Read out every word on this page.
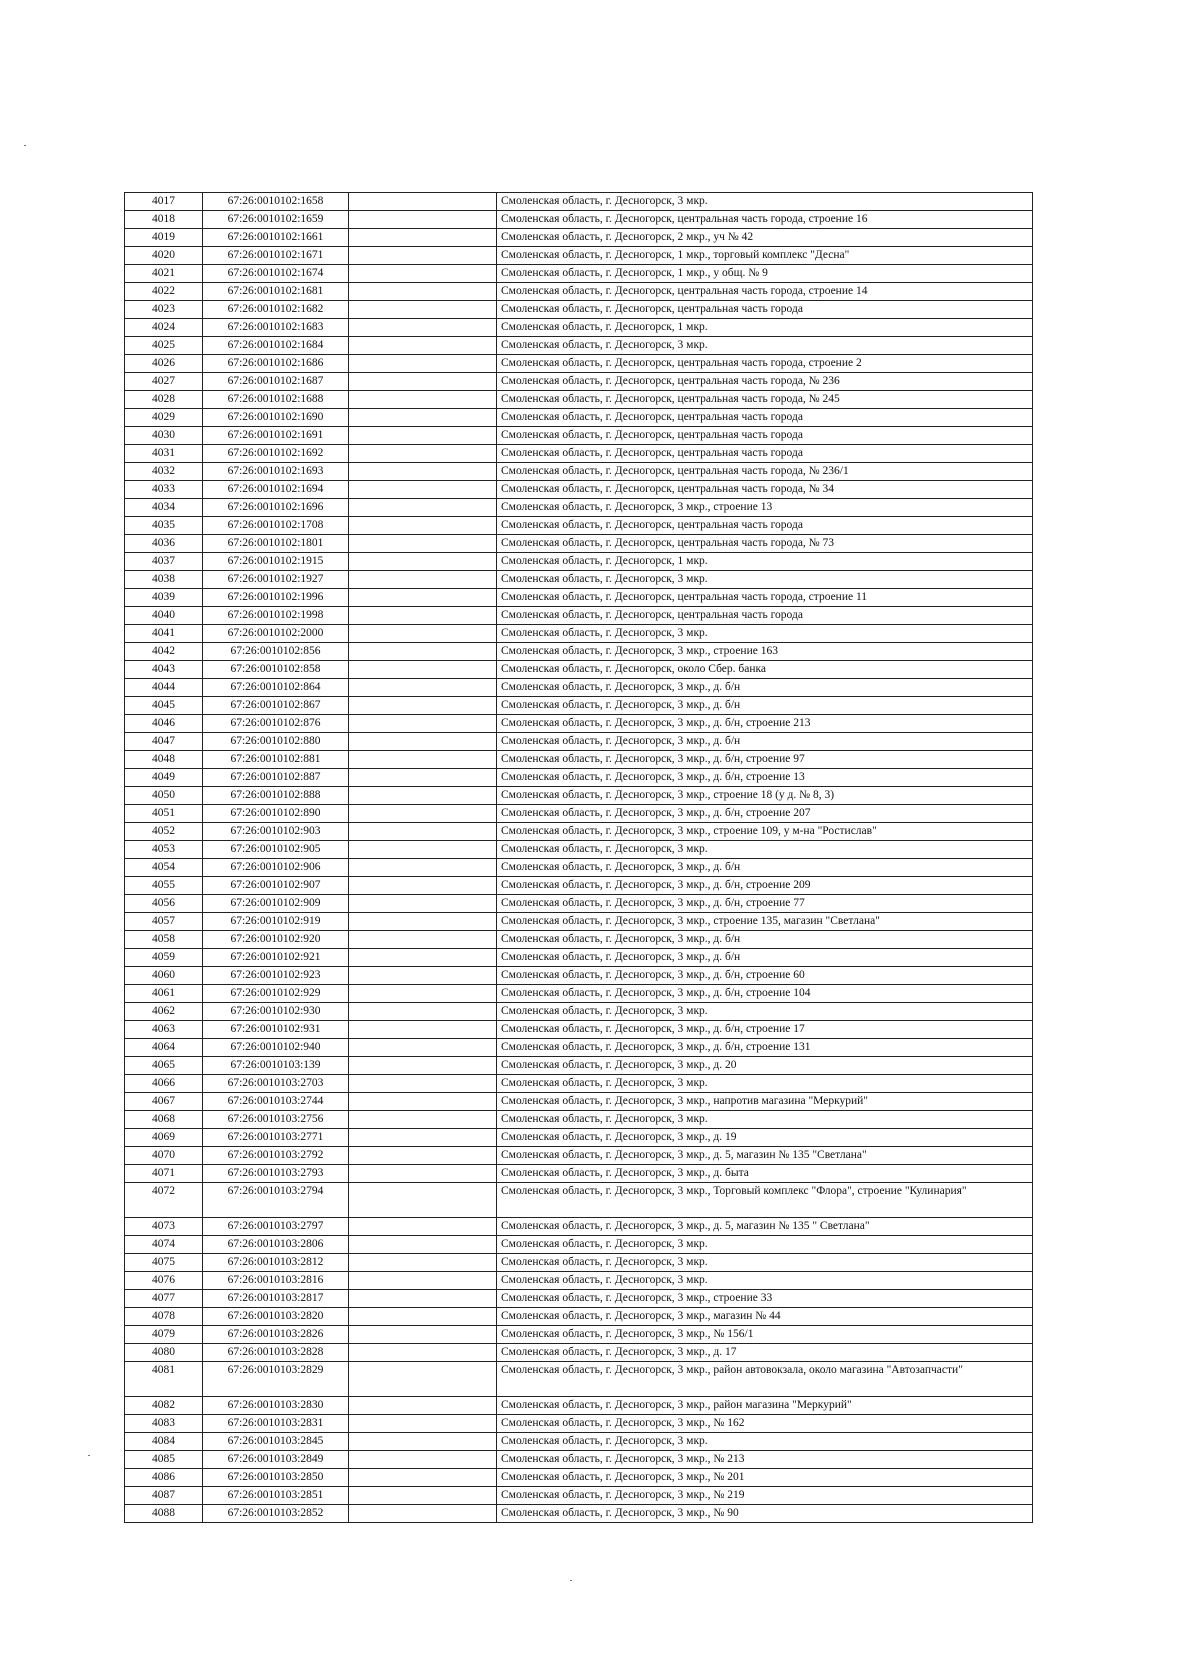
4017	67:26:0010102:1658		Смоленская область, г. Десногорск, 3 мкр.
4018	67:26:0010102:1659		Смоленская область, г. Десногорск, центральная часть города, строение 16
4019	67:26:0010102:1661		Смоленская область, г. Десногорск, 2 мкр., уч № 42
4020	67:26:0010102:1671		Смоленская область, г. Десногорск, 1 мкр., торговый комплекс "Десна"
4021	67:26:0010102:1674		Смоленская область, г. Десногорск, 1 мкр., у общ. № 9
4022	67:26:0010102:1681		Смоленская область, г. Десногорск, центральная часть города, строение 14
4023	67:26:0010102:1682		Смоленская область, г. Десногорск, центральная часть города
4024	67:26:0010102:1683		Смоленская область, г. Десногорск, 1 мкр.
4025	67:26:0010102:1684		Смоленская область, г. Десногорск, 3 мкр.
4026	67:26:0010102:1686		Смоленская область, г. Десногорск, центральная часть города, строение 2
4027	67:26:0010102:1687		Смоленская область, г. Десногорск, центральная часть города, № 236
4028	67:26:0010102:1688		Смоленская область, г. Десногорск, центральная часть города, № 245
4029	67:26:0010102:1690		Смоленская область, г. Десногорск, центральная часть города
4030	67:26:0010102:1691		Смоленская область, г. Десногорск, центральная часть города
4031	67:26:0010102:1692		Смоленская область, г. Десногорск, центральная часть города
4032	67:26:0010102:1693		Смоленская область, г. Десногорск, центральная часть города, № 236/1
4033	67:26:0010102:1694		Смоленская область, г. Десногорск, центральная часть города, № 34
4034	67:26:0010102:1696		Смоленская область, г. Десногорск, 3 мкр., строение 13
4035	67:26:0010102:1708		Смоленская область, г. Десногорск, центральная часть города
4036	67:26:0010102:1801		Смоленская область, г. Десногорск, центральная часть города, № 73
4037	67:26:0010102:1915		Смоленская область, г. Десногорск, 1 мкр.
4038	67:26:0010102:1927		Смоленская область, г. Десногорск, 3 мкр.
4039	67:26:0010102:1996		Смоленская область, г. Десногорск, центральная часть города, строение 11
4040	67:26:0010102:1998		Смоленская область, г. Десногорск, центральная часть города
4041	67:26:0010102:2000		Смоленская область, г. Десногорск, 3 мкр.
4042	67:26:0010102:856		Смоленская область, г. Десногорск, 3 мкр., строение 163
4043	67:26:0010102:858		Смоленская область, г. Десногорск, около Сбер. банка
4044	67:26:0010102:864		Смоленская область, г. Десногорск, 3 мкр., д. б/н
4045	67:26:0010102:867		Смоленская область, г. Десногорск, 3 мкр., д. б/н
4046	67:26:0010102:876		Смоленская область, г. Десногорск, 3 мкр., д. б/н, строение 213
4047	67:26:0010102:880		Смоленская область, г. Десногорск, 3 мкр., д. б/н
4048	67:26:0010102:881		Смоленская область, г. Десногорск, 3 мкр., д. б/н, строение 97
4049	67:26:0010102:887		Смоленская область, г. Десногорск, 3 мкр., д. б/н, строение 13
4050	67:26:0010102:888		Смоленская область, г. Десногорск, 3 мкр., строение 18 (у д. № 8, 3)
4051	67:26:0010102:890		Смоленская область, г. Десногорск, 3 мкр., д. б/н, строение 207
4052	67:26:0010102:903		Смоленская область, г. Десногорск, 3 мкр., строение 109, у м-на "Ростислав"
4053	67:26:0010102:905		Смоленская область, г. Десногорск, 3 мкр.
4054	67:26:0010102:906		Смоленская область, г. Десногорск, 3 мкр., д. б/н
4055	67:26:0010102:907		Смоленская область, г. Десногорск, 3 мкр., д. б/н, строение 209
4056	67:26:0010102:909		Смоленская область, г. Десногорск, 3 мкр., д. б/н, строение 77
4057	67:26:0010102:919		Смоленская область, г. Десногорск, 3 мкр., строение 135, магазин "Светлана"
4058	67:26:0010102:920		Смоленская область, г. Десногорск, 3 мкр., д. б/н
4059	67:26:0010102:921		Смоленская область, г. Десногорск, 3 мкр., д. б/н
4060	67:26:0010102:923		Смоленская область, г. Десногорск, 3 мкр., д. б/н, строение 60
4061	67:26:0010102:929		Смоленская область, г. Десногорск, 3 мкр., д. б/н, строение 104
4062	67:26:0010102:930		Смоленская область, г. Десногорск, 3 мкр.
4063	67:26:0010102:931		Смоленская область, г. Десногорск, 3 мкр., д. б/н, строение 17
4064	67:26:0010102:940		Смоленская область, г. Десногорск, 3 мкр., д. б/н, строение 131
4065	67:26:0010103:139		Смоленская область, г. Десногорск, 3 мкр., д. 20
4066	67:26:0010103:2703		Смоленская область, г. Десногорск, 3 мкр.
4067	67:26:0010103:2744		Смоленская область, г. Десногорск, 3 мкр., напротив магазина "Меркурий"
4068	67:26:0010103:2756		Смоленская область, г. Десногорск, 3 мкр.
4069	67:26:0010103:2771		Смоленская область, г. Десногорск, 3 мкр., д. 19
4070	67:26:0010103:2792		Смоленская область, г. Десногорск, 3 мкр., д. 5, магазин № 135 "Светлана"
4071	67:26:0010103:2793		Смоленская область, г. Десногорск, 3 мкр., д. быта
4072	67:26:0010103:2794		Смоленская область, г. Десногорск, 3 мкр., Торговый комплекс "Флора", строение "Кулинария"
4073	67:26:0010103:2797		Смоленская область, г. Десногорск, 3 мкр., д. 5, магазин № 135 " Светлана"
4074	67:26:0010103:2806		Смоленская область, г. Десногорск, 3 мкр.
4075	67:26:0010103:2812		Смоленская область, г. Десногорск, 3 мкр.
4076	67:26:0010103:2816		Смоленская область, г. Десногорск, 3 мкр.
4077	67:26:0010103:2817		Смоленская область, г. Десногорск, 3 мкр., строение 33
4078	67:26:0010103:2820		Смоленская область, г. Десногорск, 3 мкр., магазин № 44
4079	67:26:0010103:2826		Смоленская область, г. Десногорск, 3 мкр., № 156/1
4080	67:26:0010103:2828		Смоленская область, г. Десногорск, 3 мкр., д. 17
4081	67:26:0010103:2829		Смоленская область, г. Десногорск, 3 мкр., район автовокзала, около магазина "Автозапчасти"
4082	67:26:0010103:2830		Смоленская область, г. Десногорск, 3 мкр., район магазина "Меркурий"
4083	67:26:0010103:2831		Смоленская область, г. Десногорск, 3 мкр., № 162
4084	67:26:0010103:2845		Смоленская область, г. Десногорск, 3 мкр.
4085	67:26:0010103:2849		Смоленская область, г. Десногорск, 3 мкр., № 213
4086	67:26:0010103:2850		Смоленская область, г. Десногорск, 3 мкр., № 201
4087	67:26:0010103:2851		Смоленская область, г. Десногорск, 3 мкр., № 219
4088	67:26:0010103:2852		Смоленская область, г. Десногорск, 3 мкр., № 90
